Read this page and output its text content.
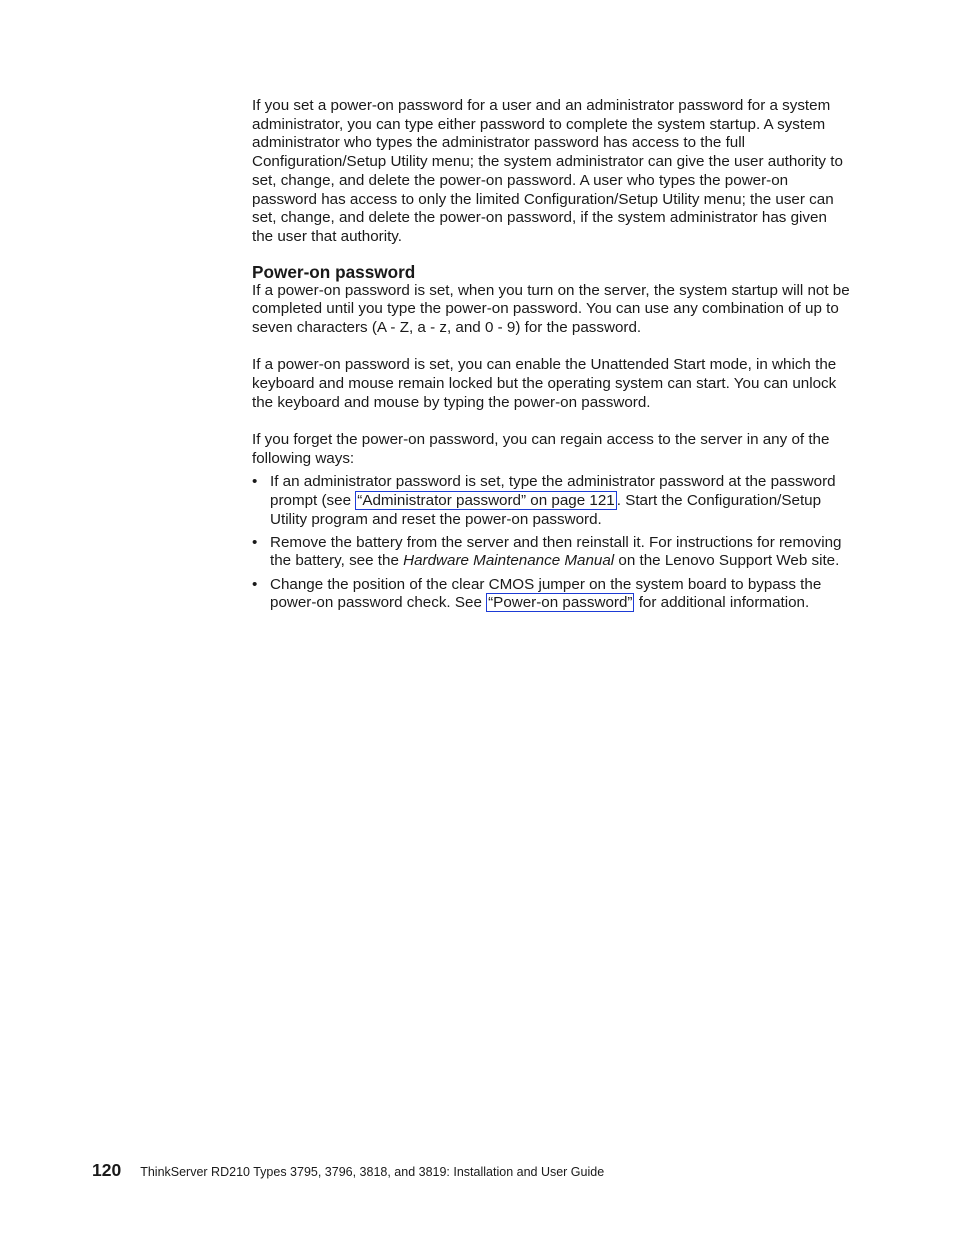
If you set a power-on password for a user and an administrator password for a system administrator, you can type either password to complete the system startup. A system administrator who types the administrator password has access to the full Configuration/Setup Utility menu; the system administrator can give the user authority to set, change, and delete the power-on password. A user who types the power-on password has access to only the limited Configuration/Setup Utility menu; the user can set, change, and delete the power-on password, if the system administrator has given the user that authority.

Power-on password

If a power-on password is set, when you turn on the server, the system startup will not be completed until you type the power-on password. You can use any combination of up to seven characters (A - Z, a - z, and 0 - 9) for the password.

If a power-on password is set, you can enable the Unattended Start mode, in which the keyboard and mouse remain locked but the operating system can start. You can unlock the keyboard and mouse by typing the power-on password.

If you forget the power-on password, you can regain access to the server in any of the following ways:

• If an administrator password is set, type the administrator password at the password prompt (see “Administrator password” on page 121 . Start the Configuration/Setup Utility program and reset the power-on password.
• Remove the battery from the server and then reinstall it. For instructions for removing the battery, see the Hardware Maintenance Manual on the Lenovo Support Web site.
• Change the position of the clear CMOS jumper on the system board to bypass the power-on password check. See “Power-on password” for additional information.
120 ThinkServer RD210 Types 3795, 3796, 3818, and 3819: Installation and User Guide
